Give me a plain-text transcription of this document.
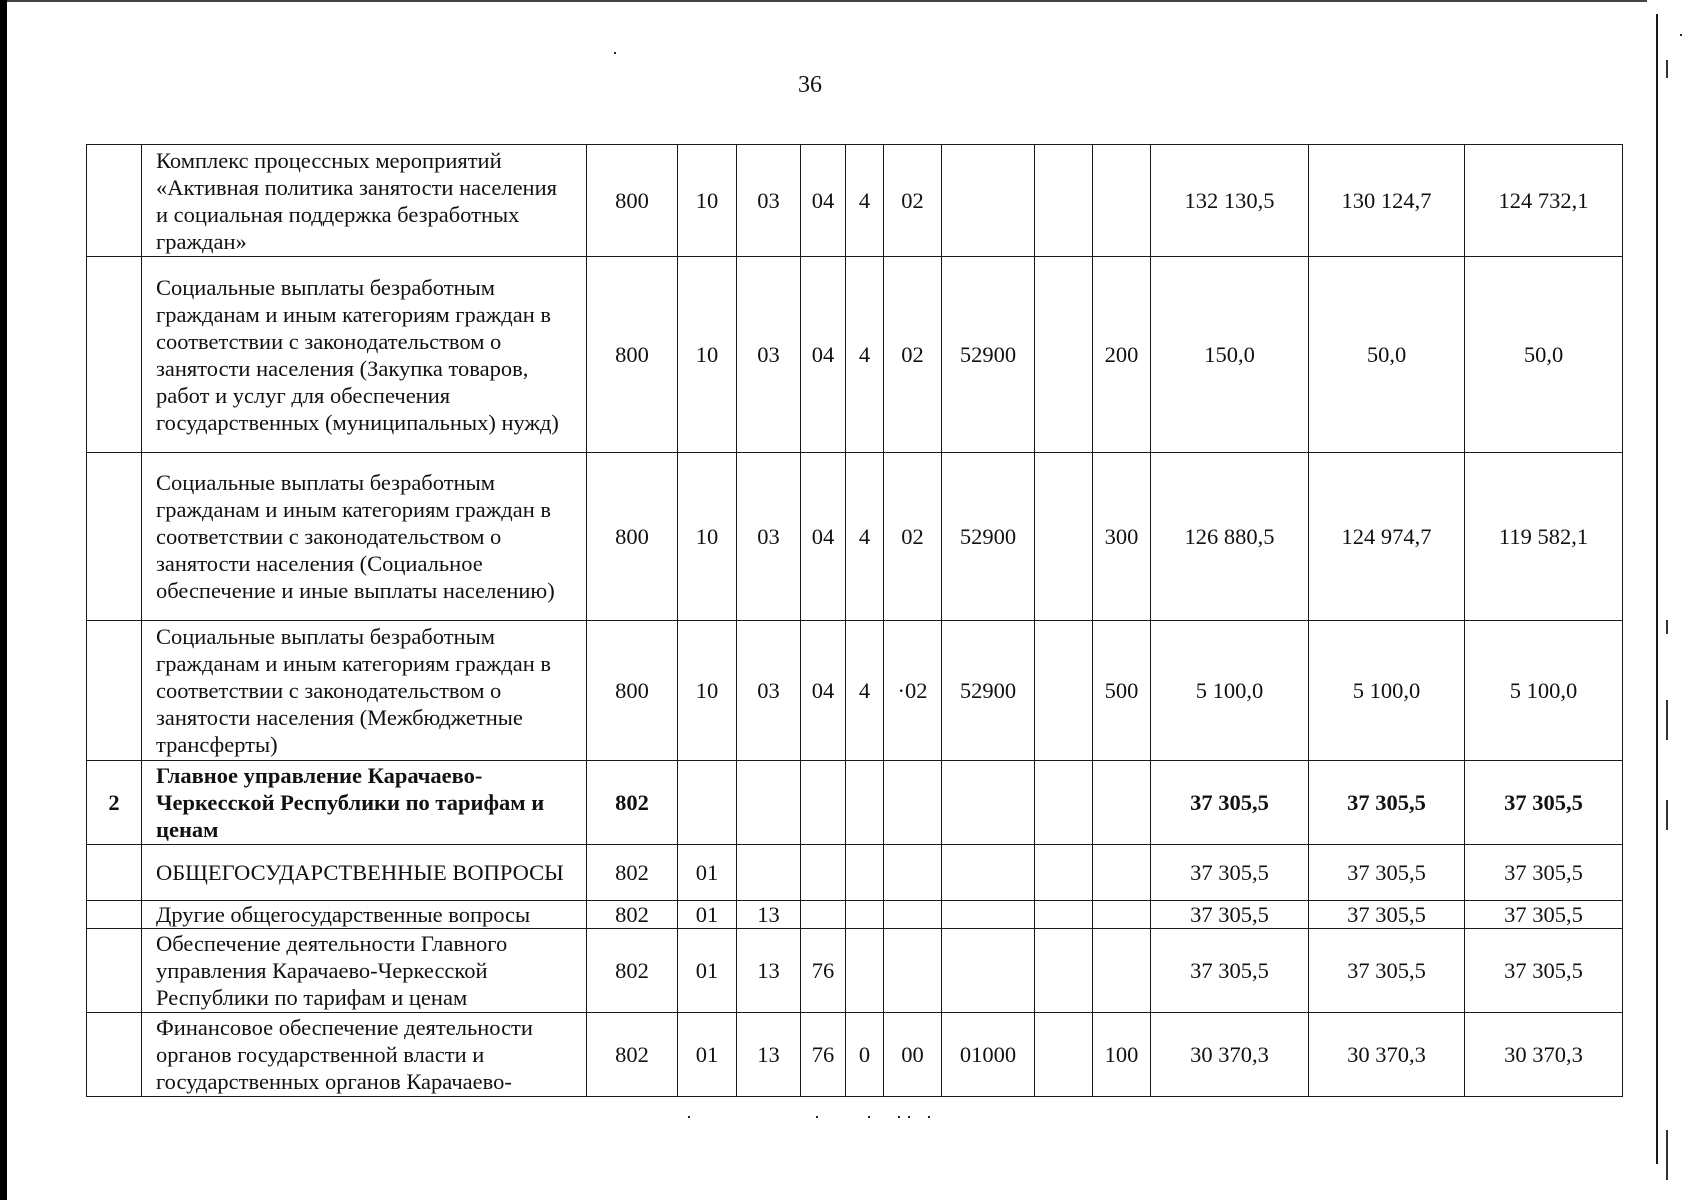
36
	Комплекс процессных мероприятий «Активная политика занятости населения и социальная поддержка безработных граждан»	800	10	03	04	4	02				132 130,5	130 124,7	124 732,1
	Социальные выплаты безработным гражданам и иным категориям граждан в соответствии с законодательством о занятости населения (Закупка товаров, работ и услуг для обеспечения государственных (муниципальных) нужд)	800	10	03	04	4	02	52900		200	150,0	50,0	50,0
	Социальные выплаты безработным гражданам и иным категориям граждан в соответствии с законодательством о занятости населения (Социальное обеспечение и иные выплаты населению)	800	10	03	04	4	02	52900		300	126 880,5	124 974,7	119 582,1
	Социальные выплаты безработным гражданам и иным категориям граждан в соответствии с законодательством о занятости населения (Межбюджетные трансферты)	800	10	03	04	4	·02	52900		500	5 100,0	5 100,0	5 100,0
2	Главное управление Карачаево-Черкесской Республики по тарифам и ценам	802									37 305,5	37 305,5	37 305,5
	ОБЩЕГОСУДАРСТВЕННЫЕ ВОПРОСЫ	802	01								37 305,5	37 305,5	37 305,5
	Другие общегосударственные вопросы	802	01	13							37 305,5	37 305,5	37 305,5
	Обеспечение деятельности Главного управления Карачаево-Черкесской Республики по тарифам и ценам	802	01	13	76						37 305,5	37 305,5	37 305,5
	Финансовое обеспечение деятельности органов государственной власти и государственных органов Карачаево-	802	01	13	76	0	00	01000		100	30 370,3	30 370,3	30 370,3
